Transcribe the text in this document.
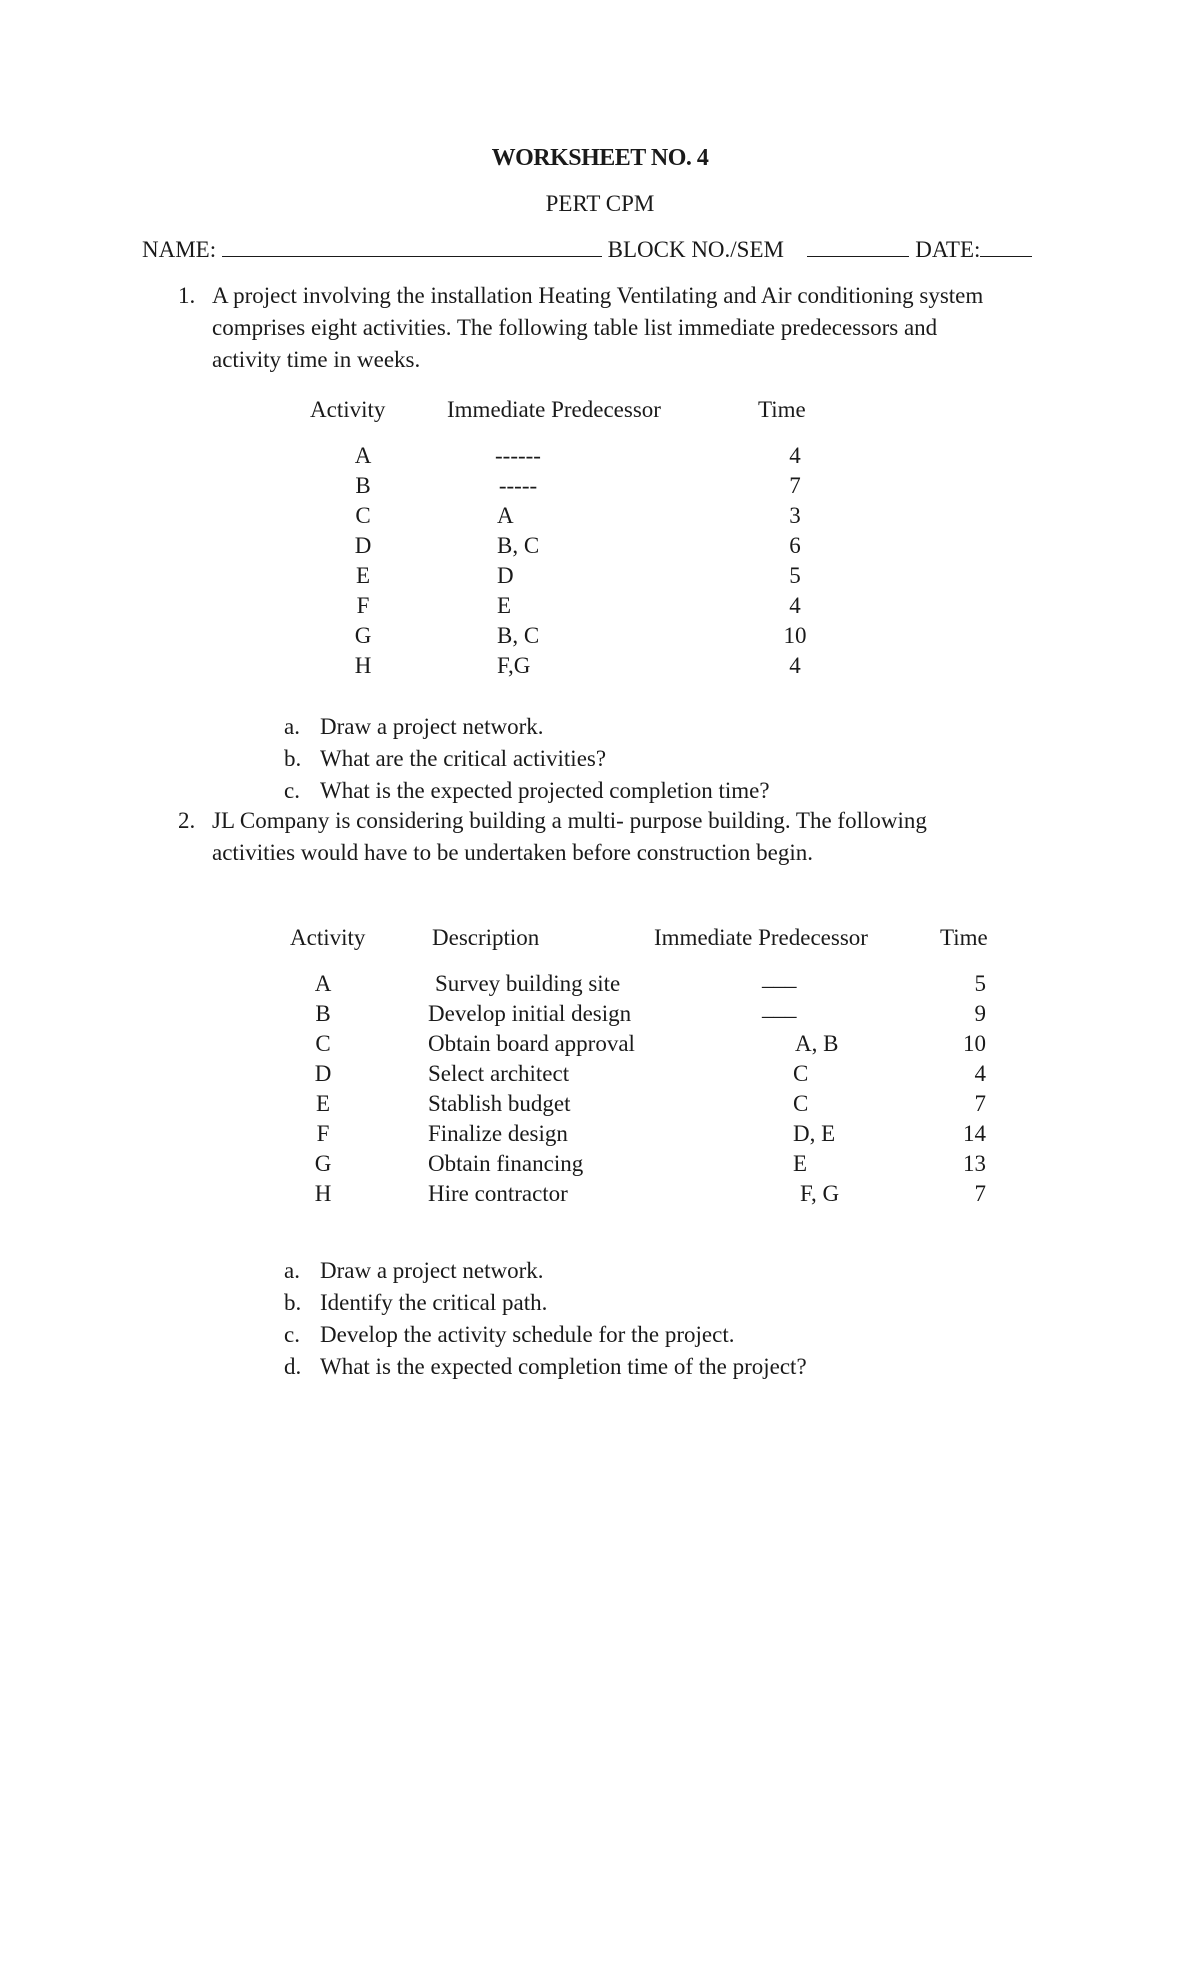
WORKSHEET NO. 4
PERT CPM
NAME:	BLOCK NO./SEM	DATE:
1. A project involving the installation Heating Ventilating and Air conditioning system
comprises eight activities. The following table list immediate predecessors and
activity time in weeks.
Activity	Immediate Predecessor	Time
A	------	4
B	-----	7
C	A	3
D	B, C	6
E	D	5
F	E	4
G	B, C	10
H	F,G	4
a. Draw a project network.
b. What are the critical activities?
c. What is the expected projected completion time?
2. JL Company is considering building a multi- purpose building. The following
activities would have to be undertaken before construction begin.
Activity	Description	Immediate Predecessor	Time
A	Survey building site	___	5
B	Develop initial design	___	9
C	Obtain board approval	A, B	10
D	Select architect	C	4
E	Stablish budget	C	7
F	Finalize design	D, E	14
G	Obtain financing	E	13
H	Hire contractor	F, G	7
a. Draw a project network.
b. Identify the critical path.
c. Develop the activity schedule for the project.
d. What is the expected completion time of the project?
